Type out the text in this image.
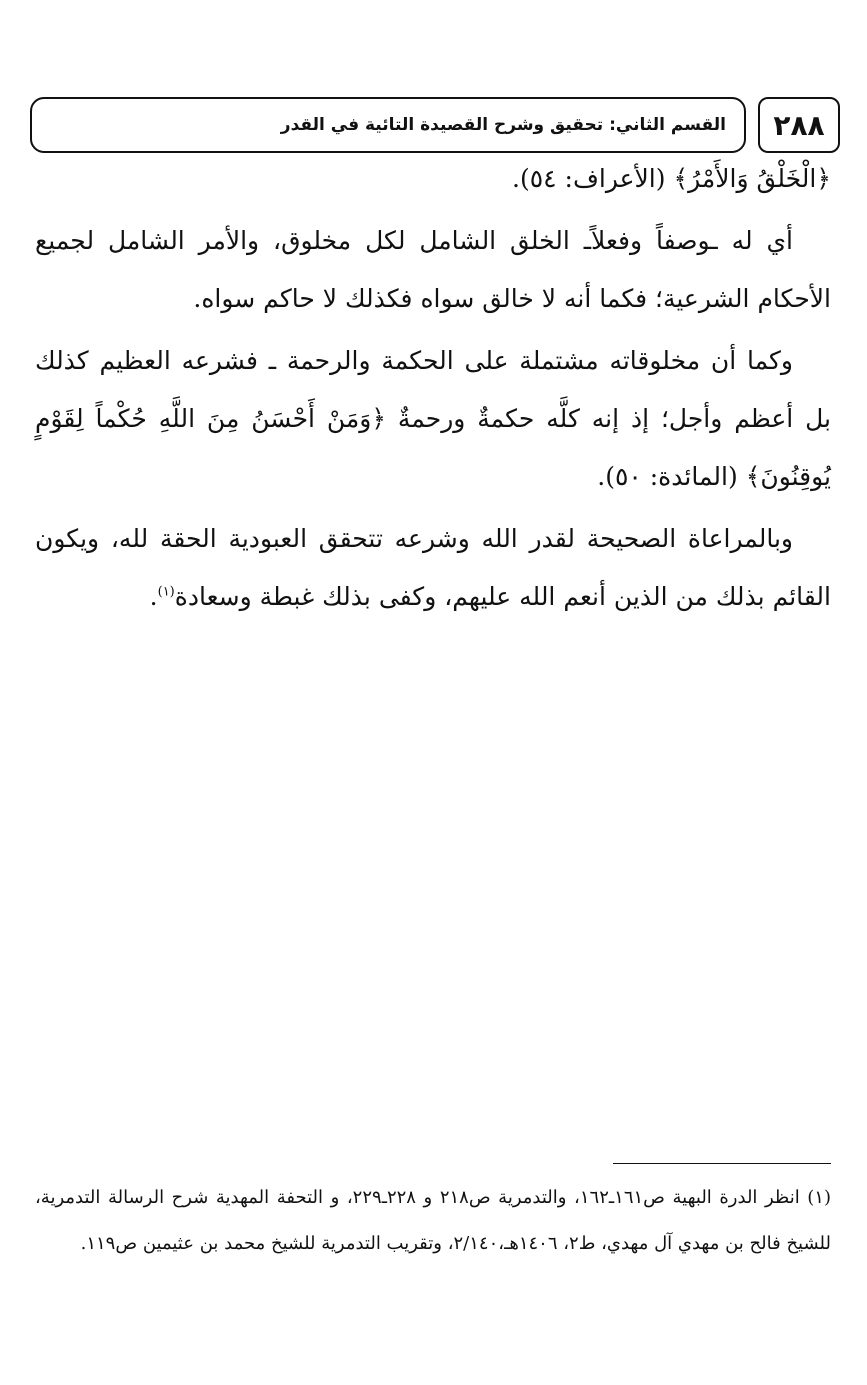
٢٨٨
القسم الثاني: تحقيق وشرح القصيدة التائية في القدر

﴿الْخَلْقُ وَالأَمْرُ﴾ (الأعراف: ٥٤).

أي له ـوصفاً وفعلاًـ الخلق الشامل لكل مخلوق، والأمر الشامل لجميع الأحكام الشرعية؛ فكما أنه لا خالق سواه فكذلك لا حاكم سواه.

وكما أن مخلوقاته مشتملة على الحكمة والرحمة ـ فشرعه العظيم كذلك بل أعظم وأجل؛ إذ إنه كلَّه حكمةٌ ورحمةٌ ﴿وَمَنْ أَحْسَنُ مِنَ اللَّهِ حُكْماً لِقَوْمٍ يُوقِنُونَ﴾ (المائدة: ٥٠).

وبالمراعاة الصحيحة لقدر الله وشرعه تتحقق العبودية الحقة لله، ويكون القائم بذلك من الذين أنعم الله عليهم، وكفى بذلك غبطة وسعادة$^{(١)}$.

(١) انظر الدرة البهية ص١٦١ـ١٦٢، والتدمرية ص٢١٨ و ٢٢٨ـ٢٢٩، و التحفة المهدية شرح الرسالة التدمرية، للشيخ فالح بن مهدي آل مهدي، ط٢، ١٤٠٦هـ،٢/١٤٠، وتقريب التدمرية للشيخ محمد بن عثيمين ص١١٩.
